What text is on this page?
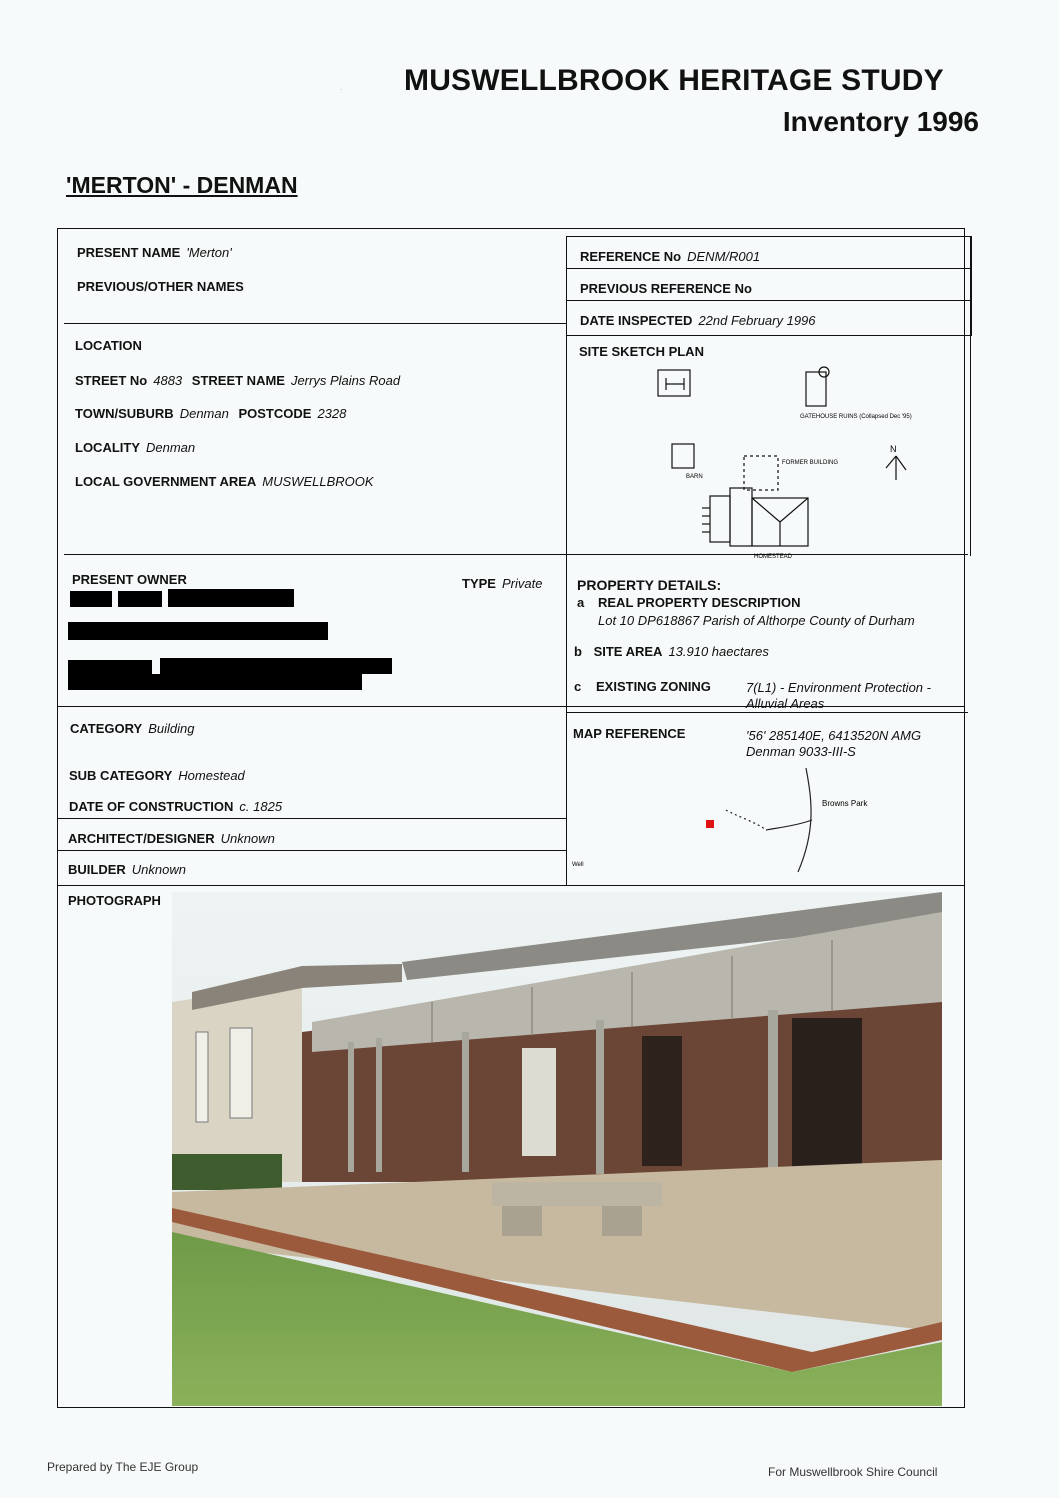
. MUSWELLBROOK HERITAGE STUDY
Inventory 1996
'MERTON' - DENMAN
PRESENT NAME 'Merton'
PREVIOUS/OTHER NAMES
REFERENCE No DENM/R001
PREVIOUS REFERENCE No
DATE INSPECTED 22nd February 1996
LOCATION
STREET No 4883 STREET NAME Jerrys Plains Road
TOWN/SUBURB Denman POSTCODE 2328
LOCALITY Denman
LOCAL GOVERNMENT AREA MUSWELLBROOK
SITE SKETCH PLAN
N
GATEHOUSE RUINS (Collapsed Dec '95)
FORMER BUILDING
BARN
HOMESTEAD
PRESENT OWNER	TYPE Private PROPERTY DETAILS:
a REAL PROPERTY DESCRIPTION
Lot 10 DP618867 Parish of Althorpe County of Durham
b SITE AREA 13.910 haectares
c EXISTING ZONING	7(L1) - Environment Protection -
Alluvial Areas
CATEGORY Building
SUB CATEGORY Homestead
DATE OF CONSTRUCTION c. 1825
ARCHITECT/DESIGNER Unknown
BUILDER Unknown
MAP REFERENCE	'56' 285140E, 6413520N AMG
Denman 9033-III-S
Browns Park
Well
PHOTOGRAPH
Prepared by The EJE Group	For Muswellbrook Shire Council
